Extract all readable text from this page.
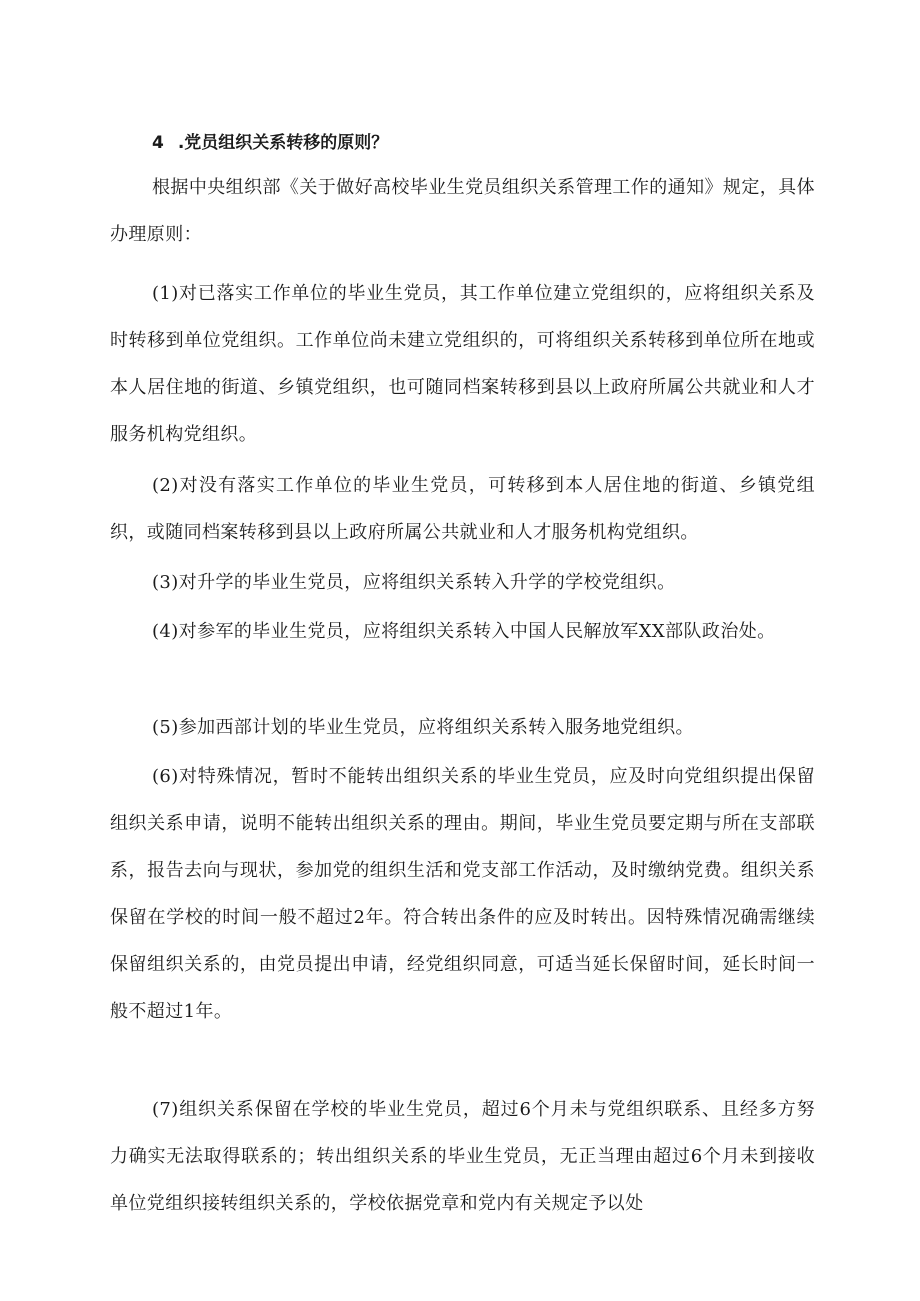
4 .党员组织关系转移的原则？

根据中央组织部《关于做好高校毕业生党员组织关系管理工作的通知》规定，具体办理原则：

(1)对已落实工作单位的毕业生党员，其工作单位建立党组织的，应将组织关系及时转移到单位党组织。工作单位尚未建立党组织的，可将组织关系转移到单位所在地或本人居住地的街道、乡镇党组织，也可随同档案转移到县以上政府所属公共就业和人才服务机构党组织。

(2)对没有落实工作单位的毕业生党员，可转移到本人居住地的街道、乡镇党组织，或随同档案转移到县以上政府所属公共就业和人才服务机构党组织。

(3)对升学的毕业生党员，应将组织关系转入升学的学校党组织。

(4)对参军的毕业生党员，应将组织关系转入中国人民解放军XX部队政治处。

(5)参加西部计划的毕业生党员，应将组织关系转入服务地党组织。

(6)对特殊情况，暂时不能转出组织关系的毕业生党员，应及时向党组织提出保留组织关系申请，说明不能转出组织关系的理由。期间，毕业生党员要定期与所在支部联系，报告去向与现状，参加党的组织生活和党支部工作活动，及时缴纳党费。组织关系保留在学校的时间一般不超过2年。符合转出条件的应及时转出。因特殊情况确需继续保留组织关系的，由党员提出申请，经党组织同意，可适当延长保留时间，延长时间一般不超过1年。

(7)组织关系保留在学校的毕业生党员，超过6个月未与党组织联系、且经多方努力确实无法取得联系的；转出组织关系的毕业生党员，无正当理由超过6个月未到接收单位党组织接转组织关系的，学校依据党章和党内有关规定予以处
